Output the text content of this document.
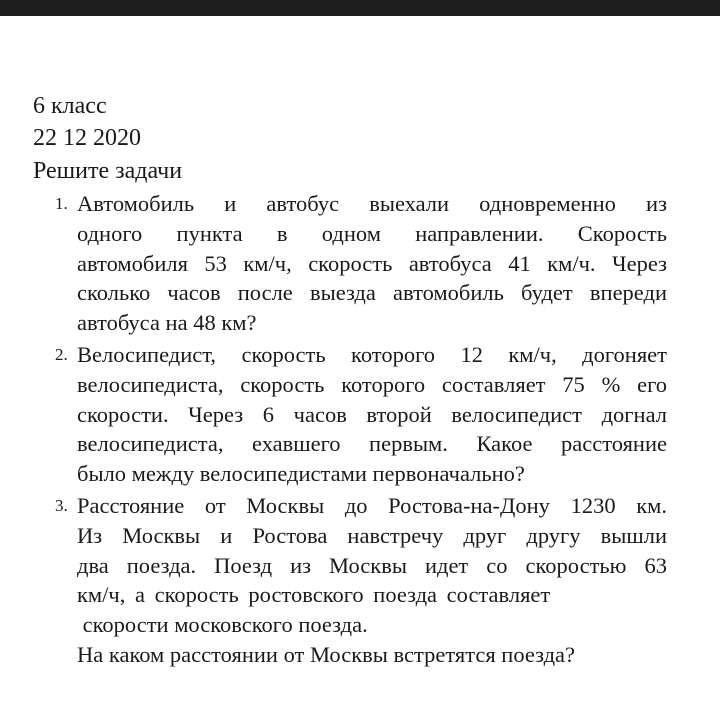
6 класс
22 12 2020
Решите задачи
1. Автомобиль и автобус выехали одновременно из
одного пункта в одном направлении. Скорость
автомобиля 53 км/ч, скорость автобуса 41 км/ч. Через
сколько часов после выезда автомобиль будет впереди
автобуса на 48 км?
2. Велосипедист, скорость которого 12 км/ч, догоняет
велосипедиста, скорость которого составляет 75 % его
скорости. Через 6 часов второй велосипедист догнал
велосипедиста, ехавшего первым. Какое расстояние
было между велосипедистами первоначально?
3. Расстояние от Москвы до Ростова-на-Дону 1230 км.
Из Москвы и Ростова навстречу друг другу вышли
два поезда. Поезд из Москвы идет со скоростью 63
км/ч, а скорость ростовского поезда составляет
скорости московского поезда.
На каком расстоянии от Москвы встретятся поезда?
